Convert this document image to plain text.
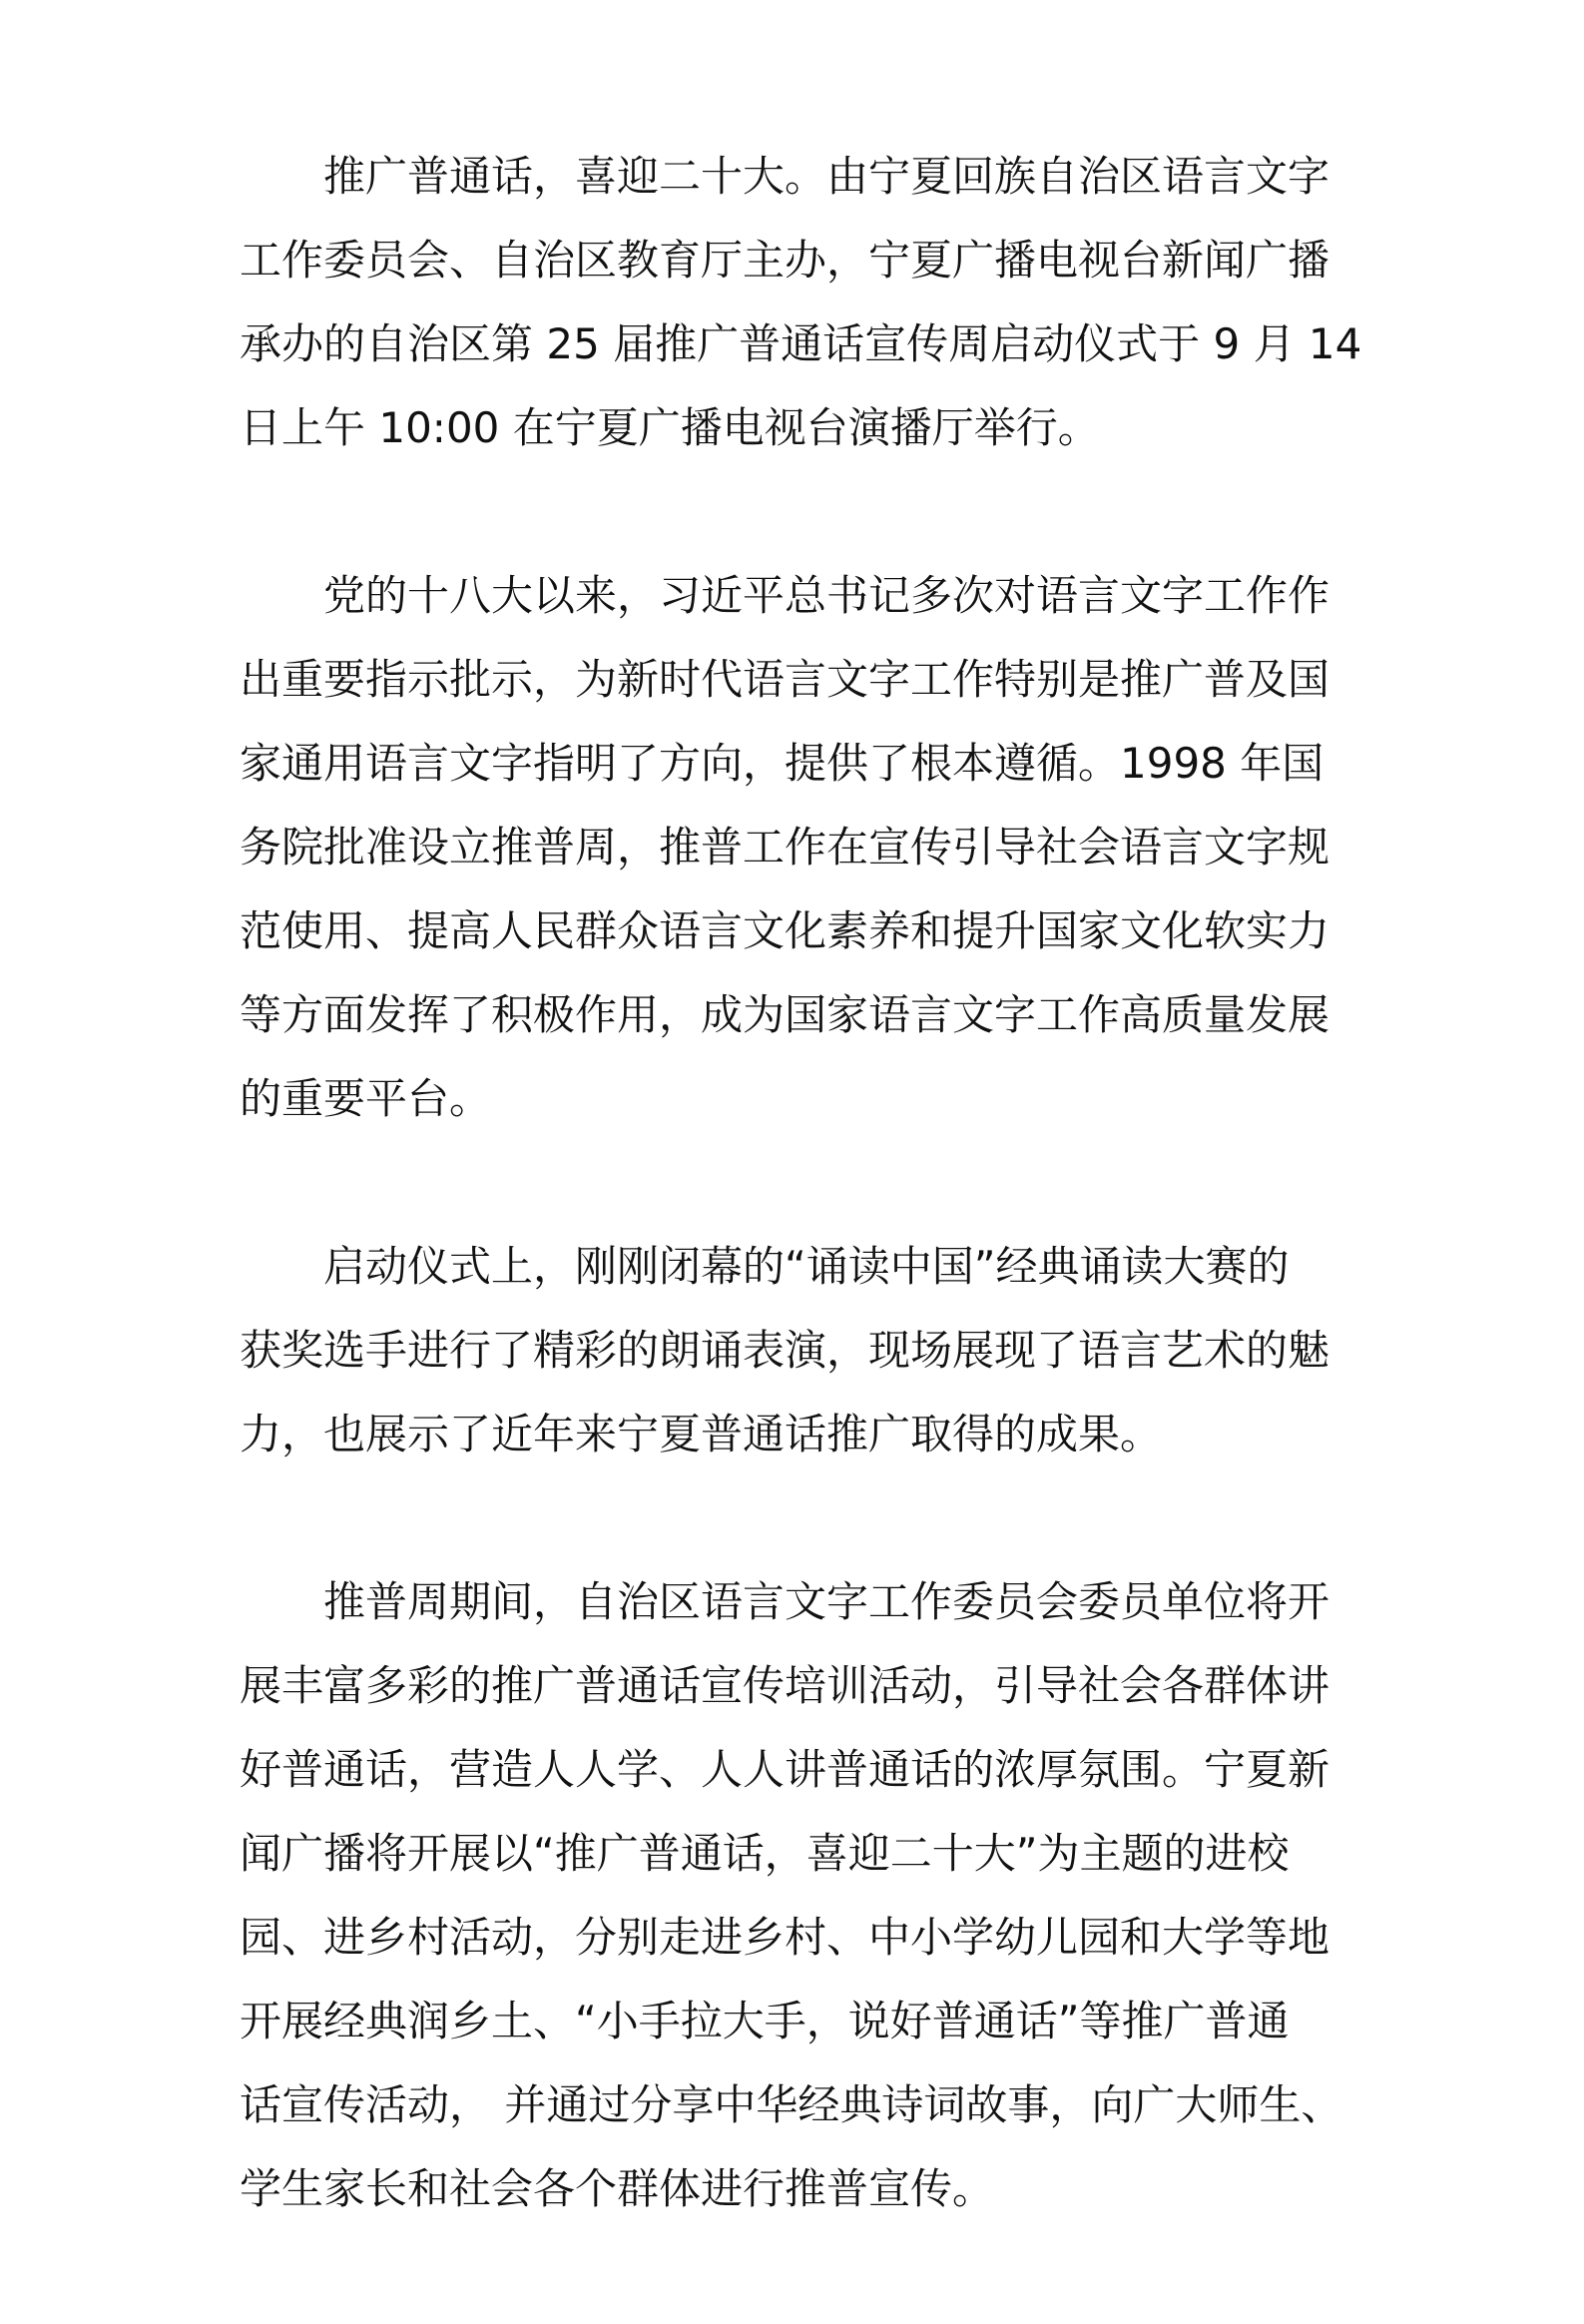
推广普通话，喜迎二十大。由宁夏回族自治区语言文字
工作委员会、自治区教育厅主办，宁夏广播电视台新闻广播
承办的自治区第 25 届推广普通话宣传周启动仪式于 9 月 14
日上午 10:00 在宁夏广播电视台演播厅举行。
党的十八大以来，习近平总书记多次对语言文字工作作
出重要指示批示，为新时代语言文字工作特别是推广普及国
家通用语言文字指明了方向，提供了根本遵循。1998 年国
务院批准设立推普周，推普工作在宣传引导社会语言文字规
范使用、提高人民群众语言文化素养和提升国家文化软实力
等方面发挥了积极作用，成为国家语言文字工作高质量发展
的重要平台。
启动仪式上，刚刚闭幕的“诵读中国”经典诵读大赛的
获奖选手进行了精彩的朗诵表演，现场展现了语言艺术的魅
力，也展示了近年来宁夏普通话推广取得的成果。
推普周期间，自治区语言文字工作委员会委员单位将开
展丰富多彩的推广普通话宣传培训活动，引导社会各群体讲
好普通话，营造人人学、人人讲普通话的浓厚氛围。宁夏新
闻广播将开展以“推广普通话，喜迎二十大”为主题的进校
园、进乡村活动，分别走进乡村、中小学幼儿园和大学等地
开展经典润乡土、“小手拉大手，说好普通话”等推广普通
话宣传活动， 并通过分享中华经典诗词故事，向广大师生、
学生家长和社会各个群体进行推普宣传。
